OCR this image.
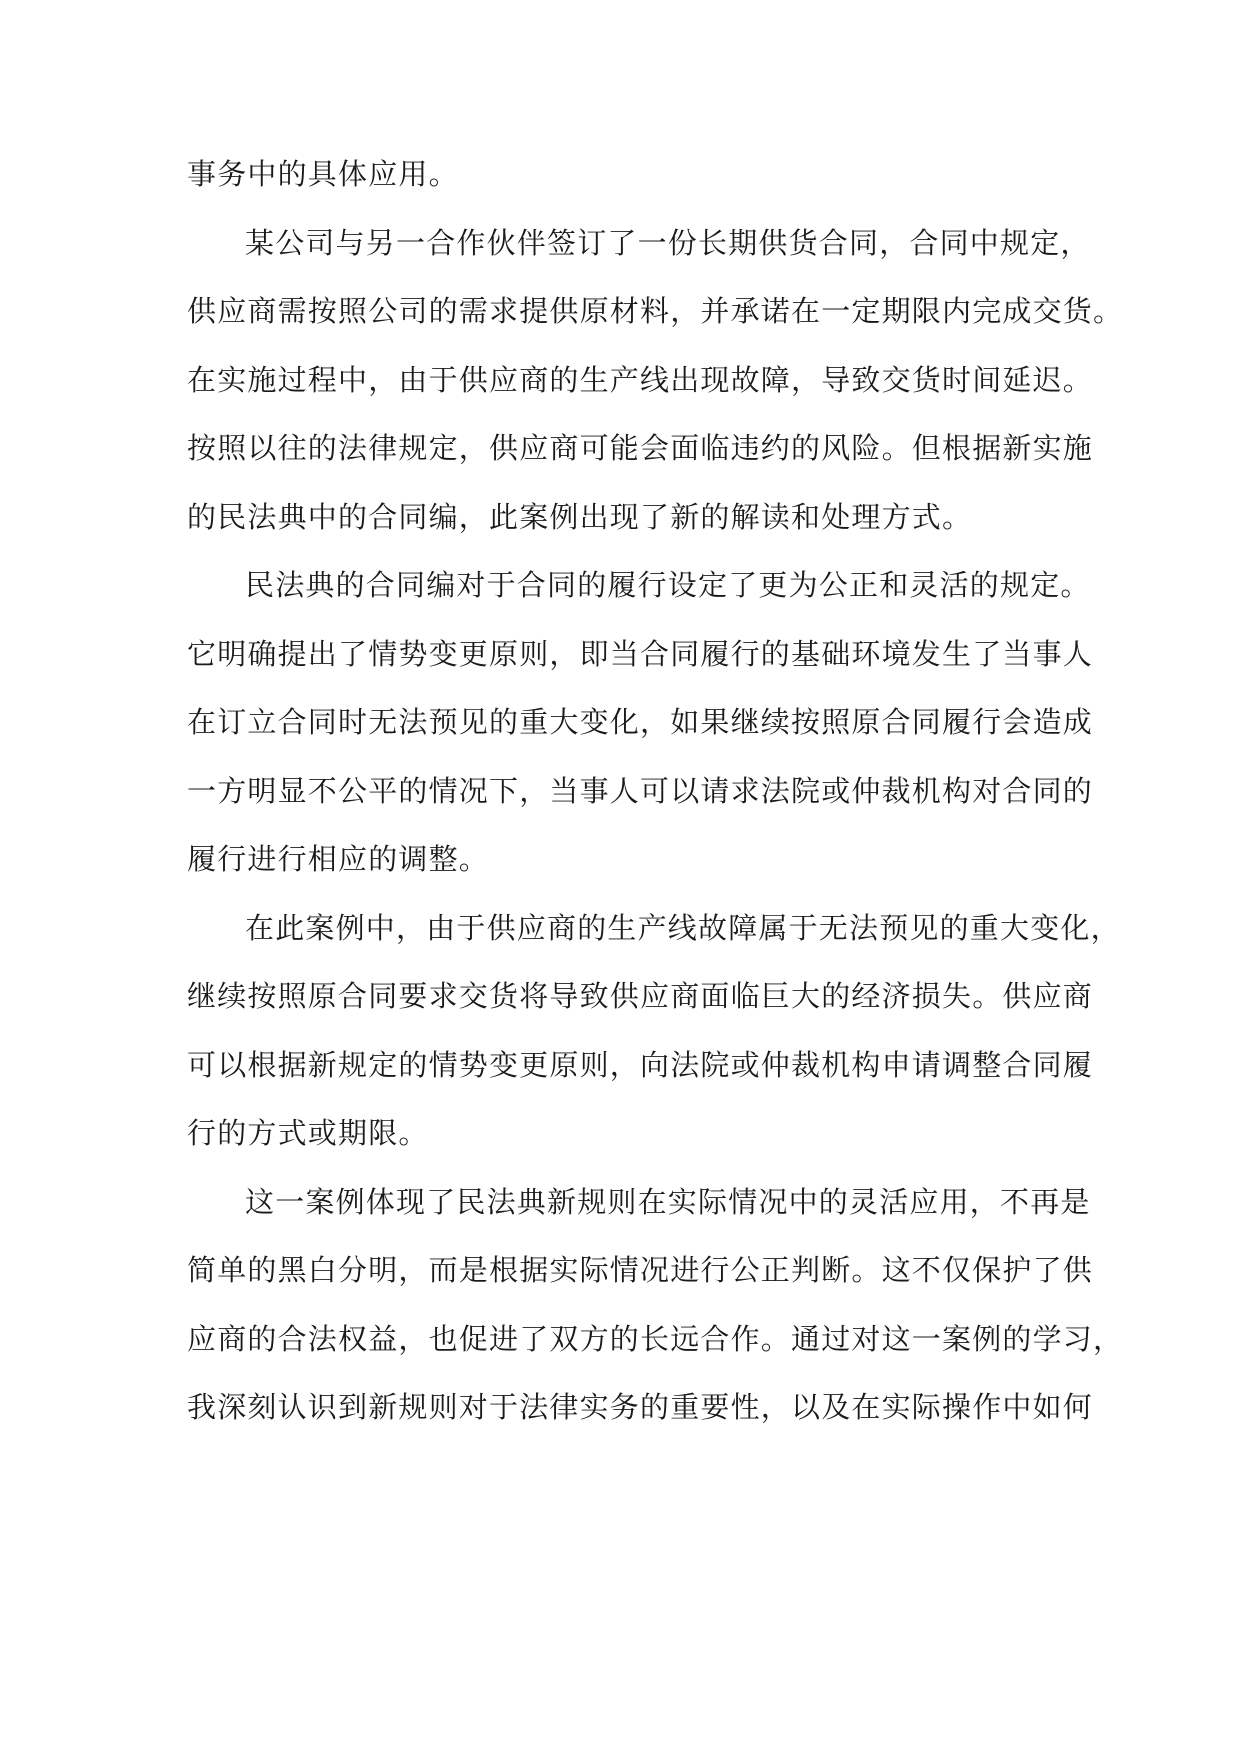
事务中的具体应用。
某公司与另一合作伙伴签订了一份长期供货合同，合同中规定，
供应商需按照公司的需求提供原材料，并承诺在一定期限内完成交货。
在实施过程中，由于供应商的生产线出现故障，导致交货时间延迟。
按照以往的法律规定，供应商可能会面临违约的风险。但根据新实施
的民法典中的合同编，此案例出现了新的解读和处理方式。
民法典的合同编对于合同的履行设定了更为公正和灵活的规定。
它明确提出了情势变更原则，即当合同履行的基础环境发生了当事人
在订立合同时无法预见的重大变化，如果继续按照原合同履行会造成
一方明显不公平的情况下，当事人可以请求法院或仲裁机构对合同的
履行进行相应的调整。
在此案例中，由于供应商的生产线故障属于无法预见的重大变化，
继续按照原合同要求交货将导致供应商面临巨大的经济损失。供应商
可以根据新规定的情势变更原则，向法院或仲裁机构申请调整合同履
行的方式或期限。
这一案例体现了民法典新规则在实际情况中的灵活应用，不再是
简单的黑白分明，而是根据实际情况进行公正判断。这不仅保护了供
应商的合法权益，也促进了双方的长远合作。通过对这一案例的学习，
我深刻认识到新规则对于法律实务的重要性，以及在实际操作中如何
